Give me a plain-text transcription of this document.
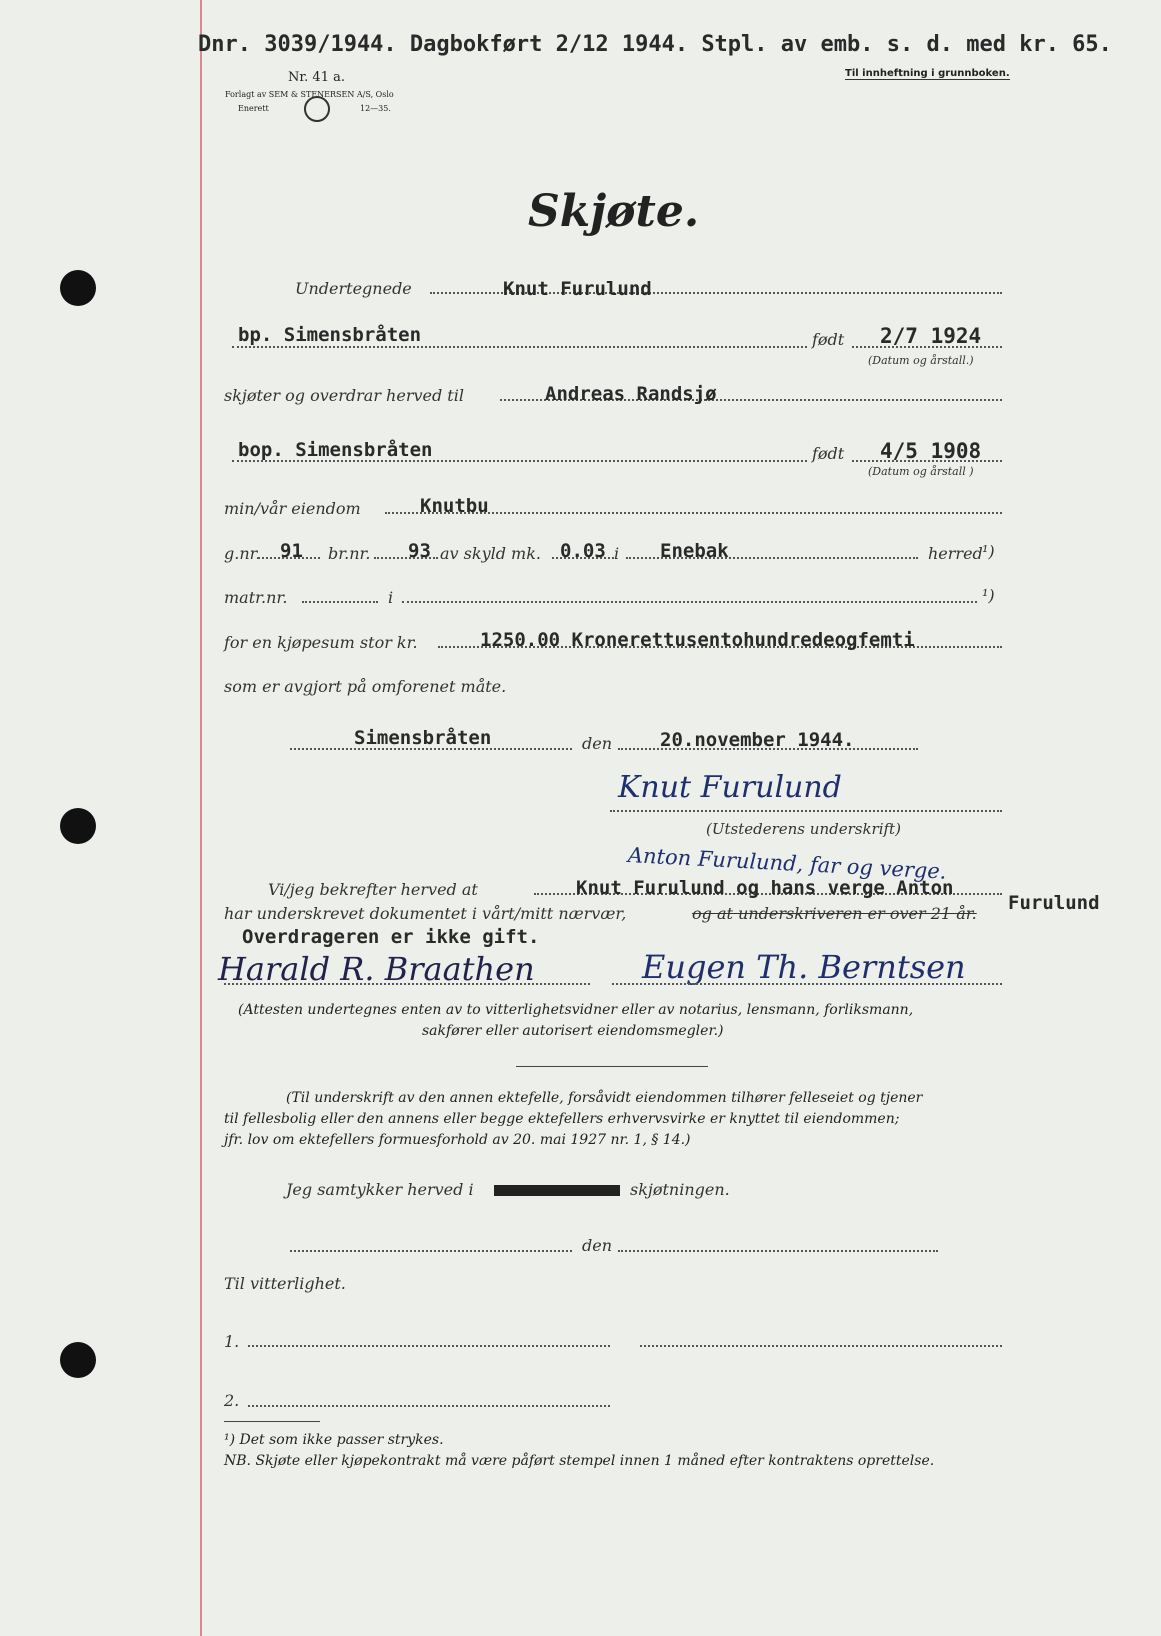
Dnr. 3039/1944. Dagbokført 2/12 1944. Stpl. av emb. s. d. med kr. 65.
Nr. 41 a.
Forlagt av SEM & STENERSEN A/S, Oslo
Enerett	12—35.
Til innheftning i grunnboken.
Skjøte.
Undertegnede	Knut Furulund
bp. Simensbråten	født 2/7 1924
(Datum og årstall.)
skjøter og overdrar herved til	Andreas Randsjø
bop. Simensbråten	født 4/5 1908
(Datum og årstall )
min/vår eiendom	Knutbu
g.nr. 91 br.nr. 93 av skyld mk. 0.03 i Enebak	herred ¹)
matr.nr.	i	¹)
for en kjøpesum stor kr.	1250.00 Kronerettusentohundredeogfemti
som er avgjort på omforenet måte.
Simensbråten	den	20.november 1944.
Knut Furulund
(Utstederens underskrift)
Anton Furulund, far og verge.
Vi/jeg bekrefter herved at	Knut Furulund og hans verge Anton
Furulund
har underskrevet dokumentet i vårt/mitt nærvær,	og at underskriveren er over 21 år.
Overdrageren er ikke gift.
Harald R. Braathen	Eugen Th. Berntsen
(Attesten undertegnes enten av to vitterlighetsvidner eller av notarius, lensmann, forliksmann,
sakfører eller autorisert eiendomsmegler.)
(Til underskrift av den annen ektefelle, forsåvidt eiendommen tilhører felleseiet og tjener
til fellesbolig eller den annens eller begge ektefellers erhvervsvirke er knyttet til eiendommen;
jfr. lov om ektefellers formuesforhold av 20. mai 1927 nr. 1, § 14.)
Jeg samtykker herved i	skjøtningen.
den
Til vitterlighet.
1.
2.
¹) Det som ikke passer strykes.
NB. Skjøte eller kjøpekontrakt må være påført stempel innen 1 måned efter kontraktens oprettelse.
